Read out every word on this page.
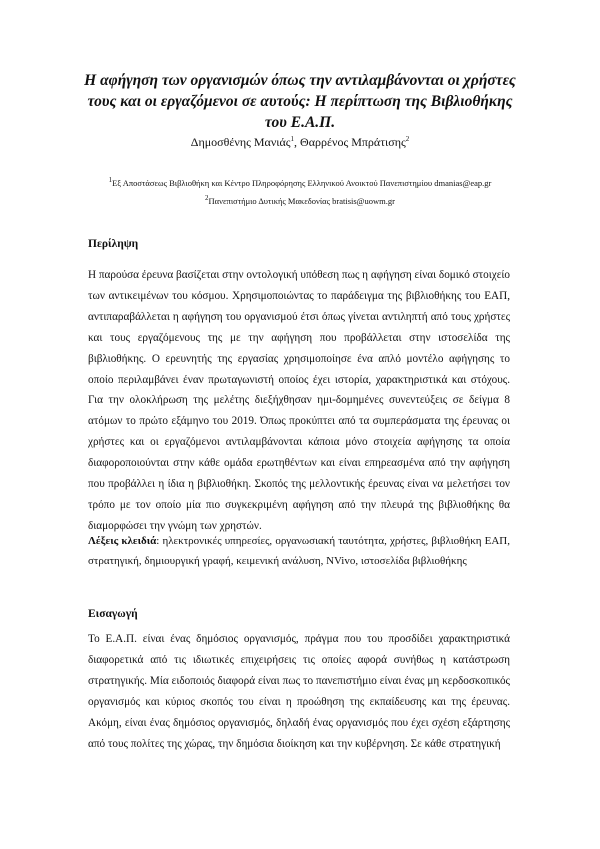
Η αφήγηση των οργανισμών όπως την αντιλαμβάνονται οι χρήστες τους και οι εργαζόμενοι σε αυτούς: Η περίπτωση της Βιβλιοθήκης του Ε.Α.Π.
Δημοσθένης Μανιάς$^1$, Θαρρένος Μπράτισης$^2$
$^1$Εξ Αποστάσεως Βιβλιοθήκη και Κέντρο Πληροφόρησης Ελληνικού Ανοικτού Πανεπιστημίου dmanias@eap.gr
$^2$Πανεπιστήμιο Δυτικής Μακεδονίας bratisis@uowm.gr
Περίληψη

Η παρούσα έρευνα βασίζεται στην οντολογική υπόθεση πως η αφήγηση είναι δομικό στοιχείο των αντικειμένων του κόσμου. Χρησιμοποιώντας το παράδειγμα της βιβλιοθήκης του ΕΑΠ, αντιπαραβάλλεται η αφήγηση του οργανισμού έτσι όπως γίνεται αντιληπτή από τους χρήστες και τους εργαζόμενους της με την αφήγηση που προβάλλεται στην ιστοσελίδα της βιβλιοθήκης. Ο ερευνητής της εργασίας χρησιμοποίησε ένα απλό μοντέλο αφήγησης το οποίο περιλαμβάνει έναν πρωταγωνιστή οποίος έχει ιστορία, χαρακτηριστικά και στόχους. Για την ολοκλήρωση της μελέτης διεξήχθησαν ημι-δομημένες συνεντεύξεις σε δείγμα 8 ατόμων το πρώτο εξάμηνο του 2019. Όπως προκύπτει από τα συμπεράσματα της έρευνας οι χρήστες και οι εργαζόμενοι αντιλαμβάνονται κάποια μόνο στοιχεία αφήγησης τα οποία διαφοροποιούνται στην κάθε ομάδα ερωτηθέντων και είναι επηρεασμένα από την αφήγηση που προβάλλει η ίδια η βιβλιοθήκη. Σκοπός της μελλοντικής έρευνας είναι να μελετήσει τον τρόπο με τον οποίο μία πιο συγκεκριμένη αφήγηση από την πλευρά της βιβλιοθήκης θα διαμορφώσει την γνώμη των χρηστών.

Λέξεις κλειδιά: ηλεκτρονικές υπηρεσίες, οργανωσιακή ταυτότητα, χρήστες, βιβλιοθήκη ΕΑΠ, στρατηγική, δημιουργική γραφή, κειμενική ανάλυση, NVivo, ιστοσελίδα βιβλιοθήκης

Εισαγωγή

Το Ε.Α.Π. είναι ένας δημόσιος οργανισμός, πράγμα που του προσδίδει χαρακτηριστικά διαφορετικά από τις ιδιωτικές επιχειρήσεις τις οποίες αφορά συνήθως η κατάστρωση στρατηγικής. Μία ειδοποιός διαφορά είναι πως το πανεπιστήμιο είναι ένας μη κερδοσκοπικός οργανισμός και κύριος σκοπός του είναι η προώθηση της εκπαίδευσης και της έρευνας. Ακόμη, είναι ένας δημόσιος οργανισμός, δηλαδή ένας οργανισμός που έχει σχέση εξάρτησης από τους πολίτες της χώρας, την δημόσια διοίκηση και την κυβέρνηση. Σε κάθε στρατηγική
